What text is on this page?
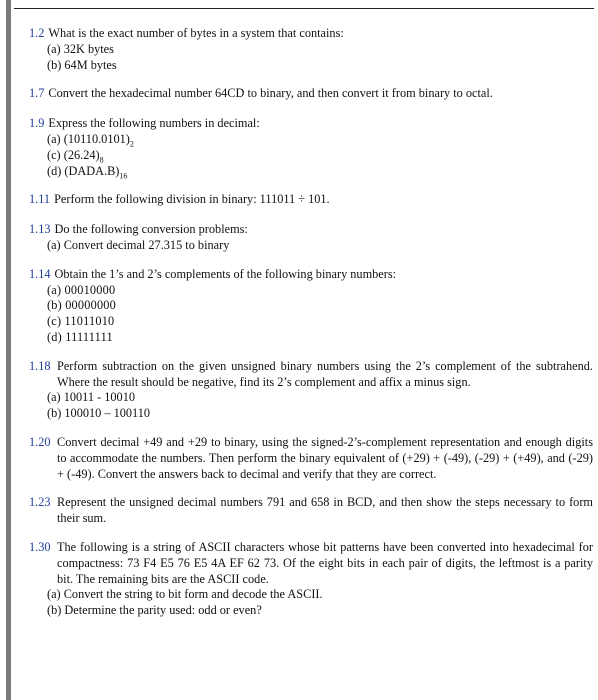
1.2 What is the exact number of bytes in a system that contains:
(a) 32K bytes
(b) 64M bytes
1.7 Convert the hexadecimal number 64CD to binary, and then convert it from binary to octal.
1.9 Express the following numbers in decimal:
(a) $(10110.0101)_2$
(c) $(26.24)_8$
(d) $(DADA.B)_{16}$
1.11 Perform the following division in binary: 111011 ÷ 101.
1.13 Do the following conversion problems:
(a) Convert decimal 27.315 to binary
1.14 Obtain the 1’s and 2’s complements of the following binary numbers:
(a) 00010000
(b) 00000000
(c) 11011010
(d) 11111111
1.18 Perform subtraction on the given unsigned binary numbers using the 2’s complement of the subtrahend. Where the result should be negative, find its 2’s complement and affix a minus sign.
(a) 10011 - 10010
(b) 100010 – 100110
1.20 Convert decimal +49 and +29 to binary, using the signed-2’s-complement representation and enough digits to accommodate the numbers. Then perform the binary equivalent of (+29) + (-49), (-29) + (+49), and (-29) + (-49). Convert the answers back to decimal and verify that they are correct.
1.23 Represent the unsigned decimal numbers 791 and 658 in BCD, and then show the steps necessary to form their sum.
1.30 The following is a string of ASCII characters whose bit patterns have been converted into hexadecimal for compactness: 73 F4 E5 76 E5 4A EF 62 73. Of the eight bits in each pair of digits, the leftmost is a parity bit. The remaining bits are the ASCII code.
(a) Convert the string to bit form and decode the ASCII.
(b) Determine the parity used: odd or even?
